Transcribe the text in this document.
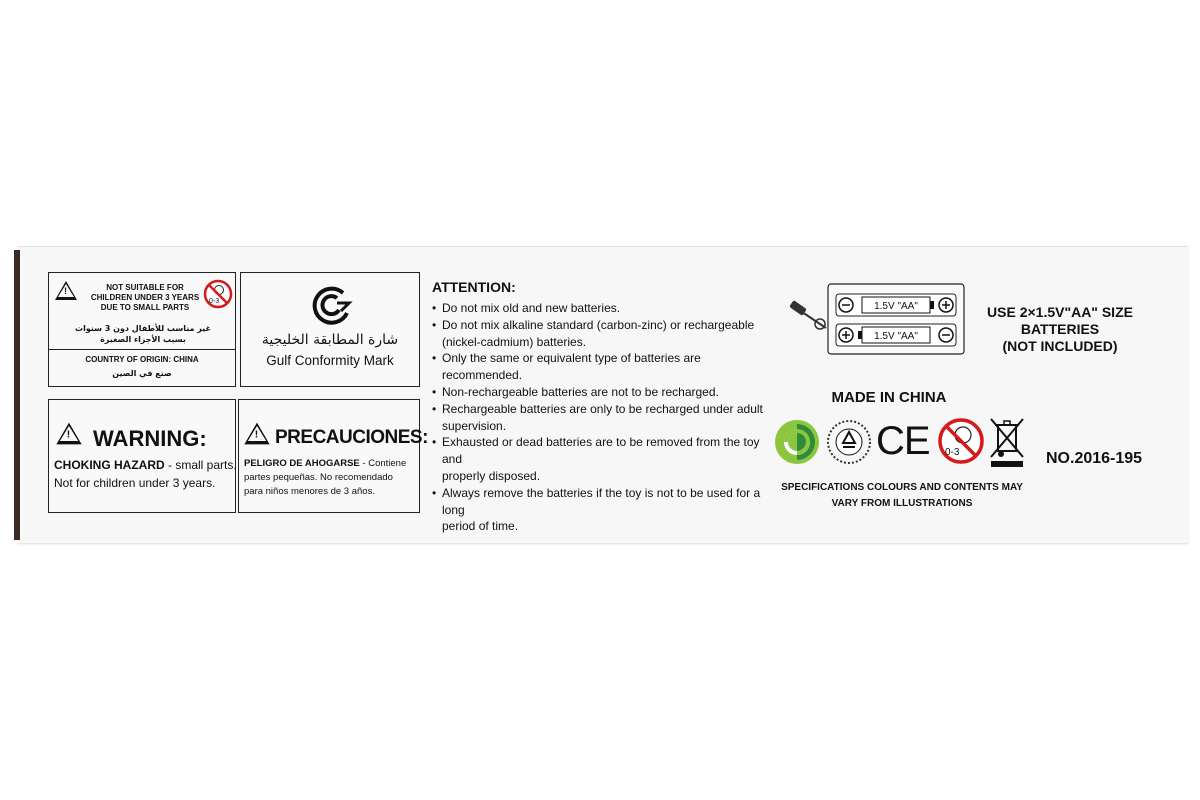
!	NOT SUITABLE FOR
CHILDREN UNDER 3 YEARS
DUE TO SMALL PARTS
0-3
غير مناسب للأطفال دون 3 سنوات
بسبب الأجزاء الصغيرة
COUNTRY OF ORIGIN: CHINA
صنع في الصين
شارة المطابقة الخليجية
Gulf Conformity Mark
! WARNING:
CHOKING HAZARD - small parts.
Not for children under 3 years.
! PRECAUCIONES:
PELIGRO DE AHOGARSE - Contiene
partes pequeñas. No recomendado
para niños menores de 3 años.
ATTENTION:
• Do not mix old and new batteries.
• Do not mix alkaline standard (carbon-zinc) or rechargeable
(nickel-cadmium) batteries.
• Only the same or equivalent type of batteries are recommended.
• Non-rechargeable batteries are not to be recharged.
• Rechargeable batteries are only to be recharged under adult
supervision.
• Exhausted or dead batteries are to be removed from the toy and
properly disposed.
• Always remove the batteries if the toy is not to be used for a long
period of time.
1.5V "AA"
1.5V "AA"
USE 2×1.5V"AA" SIZE
BATTERIES
(NOT INCLUDED)
MADE IN CHINA
CE 0-3	NO.2016-195
SPECIFICATIONS COLOURS AND CONTENTS MAY
VARY FROM ILLUSTRATIONS
